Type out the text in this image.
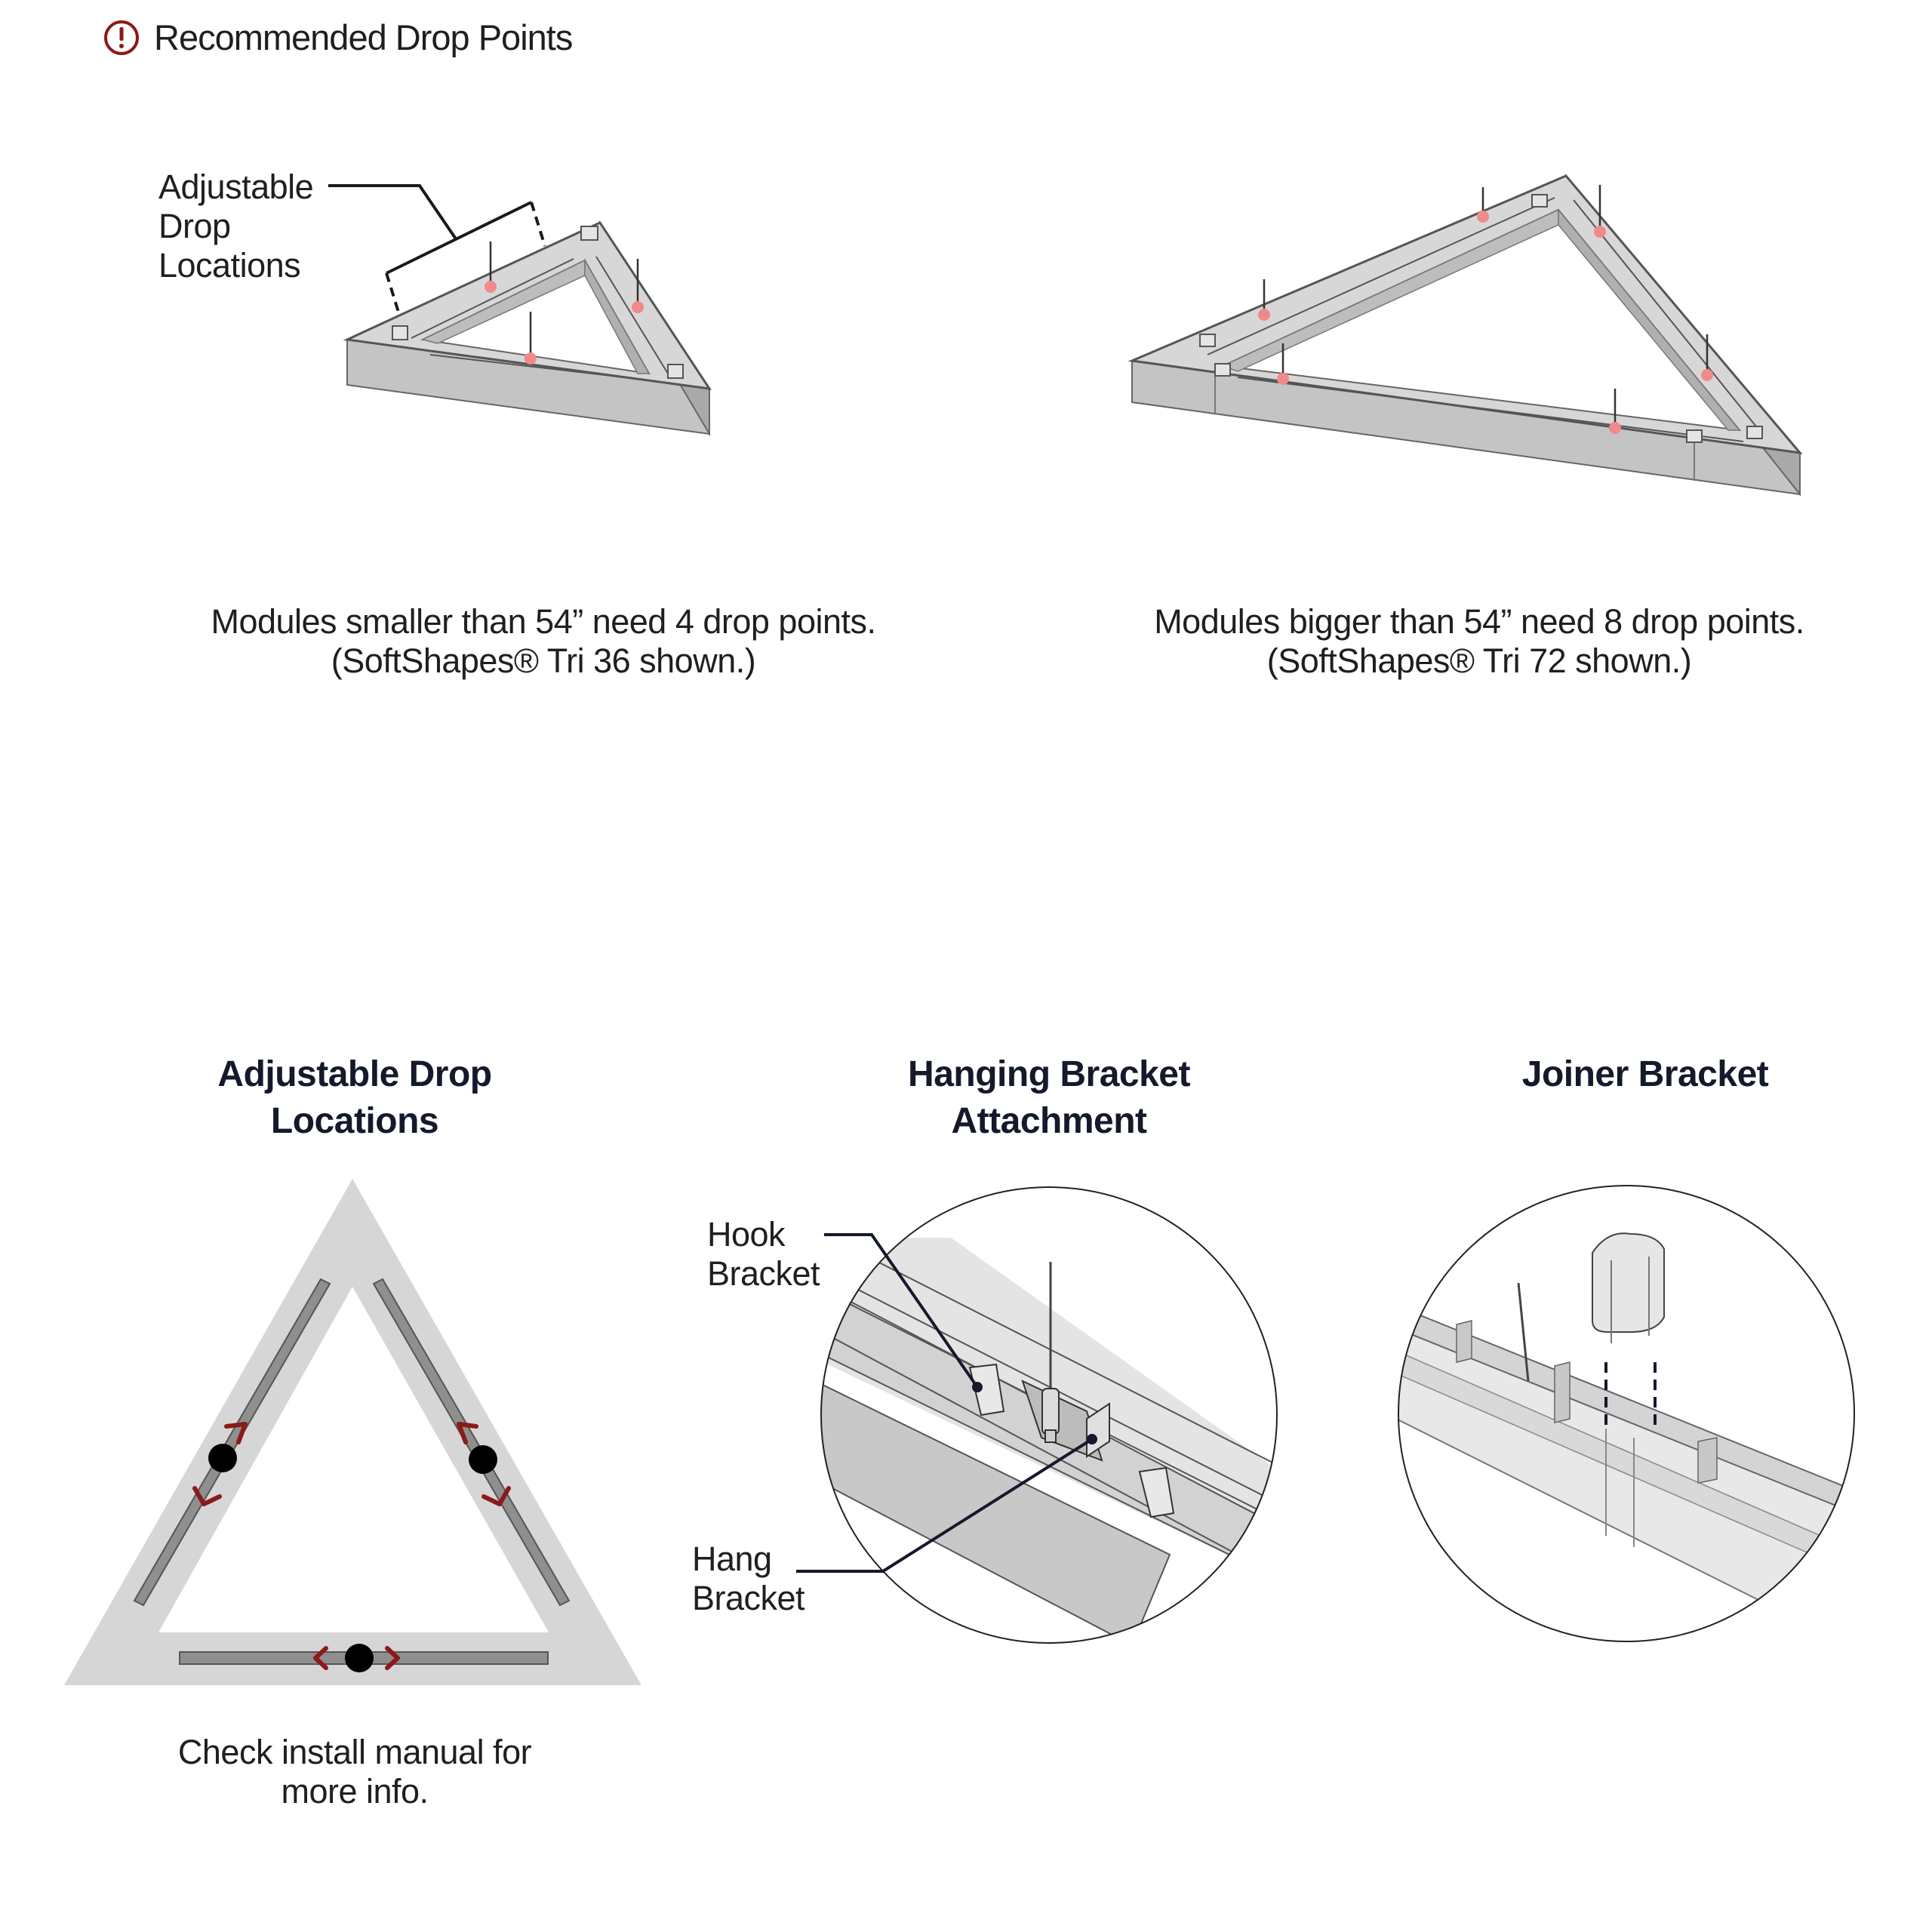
Recommended Drop Points
Adjustable
Drop
Locations
Modules smaller than 54” need 4 drop points.
(SoftShapes® Tri 36 shown.)
Modules bigger than 54” need 8 drop points.
(SoftShapes® Tri 72 shown.)
Adjustable Drop
Locations
Hanging Bracket
Attachment
Joiner Bracket
Check install manual for
more info.
Hook
Bracket
Hang
Bracket
